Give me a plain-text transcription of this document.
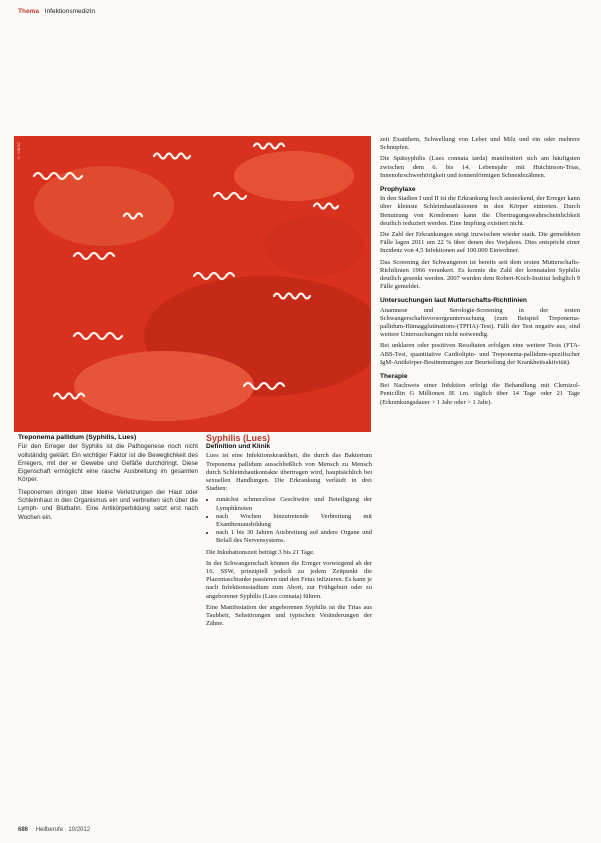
Thema Infektionsmedizin
© NIBSC
Treponema pallidum (Syphilis, Lues)

Für den Erreger der Syphilis ist die Pathogenese noch nicht vollständig geklärt. Ein wichtiger Faktor ist die Beweglichkeit des Erregers, mit der er Gewebe und Gefäße durchdringt. Diese Eigenschaft ermöglicht eine rasche Ausbreitung im gesamten Körper.

Treponemen dringen über kleine Verletzungen der Haut oder Schleimhaut in den Organismus ein und verbreiten sich über die Lymph- und Blutbahn. Eine Antikörperbildung setzt erst nach Wochen ein.

Syphilis (Lues)
Definition und Klinik

Lues ist eine Infektionskrankheit, die durch das Bakterium Treponema pallidum ausschließlich von Mensch zu Mensch durch Schleimhautkontakte übertragen wird, hauptsächlich bei sexuellen Handlungen. Die Erkrankung verläuft in drei Stadien:

• zunächst schmerzlose Geschwüre und Beteiligung der Lymphknoten
• nach Wochen hinzutretende Verbreitung mit Exanthemausbildung
• nach 1 bis 30 Jahren Ausbreitung auf andere Organe und Befall des Nervensystems.

Die Inkubationszeit beträgt 3 bis 21 Tage.

In der Schwangerschaft können die Erreger vorwiegend ab der 16. SSW, prinzipiell jedoch zu jedem Zeitpunkt die Plazentaschranke passieren und den Fetus infizieren. Es kann je nach Infektionsstadium zum Abort, zur Frühgeburt oder zu angeborener Syphilis (Lues connata) führen.

Eine Manifestation der angeborenen Syphilis ist die Trias aus Taubheit, Sehstörungen und typischen Veränderungen der Zähne.

zeit Exanthem, Schwellung von Leber und Milz und ein oder mehrere Schnupfen.

Die Spätsyphilis (Lues connata tarda) manifestiert sich am häufigsten zwischen dem 6. bis 14. Lebensjahr mit Hutchinson-Trias, Innenohrschwerhörigkeit und tonnenförmigen Schneidezähnen.

Prophylaxe

In den Stadien I und II ist die Erkrankung hoch ansteckend, der Erreger kann über kleinste Schleimhautläsionen in den Körper eintreten. Durch Benutzung von Kondomen kann die Übertragungswahrscheinlichkeit deutlich reduziert werden. Eine Impfung existiert nicht.

Die Zahl der Erkrankungen steigt inzwischen wieder stark. Die gemeldeten Fälle lagen 2011 um 22 % über denen des Vorjahres. Dies entspricht einer Inzidenz von 4,5 Infektionen auf 100.000 Einwohner.

Das Screening der Schwangeren ist bereits seit dem ersten Mutterschafts-Richtlinien 1966 verankert. Es konnte die Zahl der konnatalen Syphilis deutlich gesenkt werden. 2007 wurden dem Robert-Koch-Institut lediglich 9 Fälle gemeldet.

Untersuchungen laut Mutterschafts-Richtlinien

Anamnese und Serologie-Screening in der ersten Schwangerschaftsvorsorgeuntersuchung (zum Beispiel Treponema-pallidum-Hämagglutinations-(TPHA)-Test). Fällt der Test negativ aus, sind weitere Untersuchungen nicht notwendig.

Bei unklaren oder positiven Resultaten erfolgen eine weitere Tests (FTA-ABS-Test, quantitative Cardiolipin- und Treponema-pallidum-spezifischer IgM-Antikörper-Bestimmungen zur Beurteilung der Krankheitsaktivität).

Therapie

Bei Nachweis einer Infektion erfolgt die Behandlung mit Clemizol-Penicillin G Millionen IE i.m. täglich über 14 Tage oder 21 Tage (Erkrankungsdauer > 1 Jahr oder > 1 Jahr).

686 Heilberufe · 10/2012
